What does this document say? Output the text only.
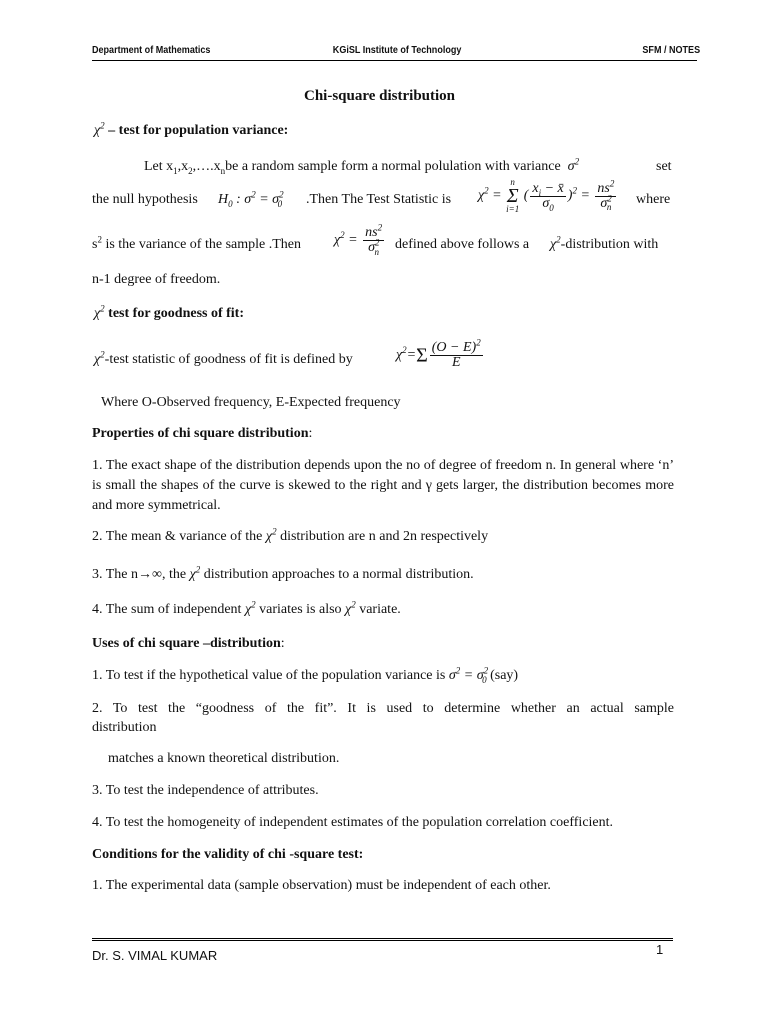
Department of Mathematics	KGiSL Institute of Technology	SFM / NOTES
Chi-square distribution
$\chi^2$ – test for population variance:
Let $x_1,x_2,\dots.x_nbe$ a random sample form a normal polulation with variance $\sigma^2$	set
the null hypothesis $H_0$ : $\sigma^2 = \sigma^2_0$ .Then The Test Statistic is $\chi^2 = n$
Σ
i=1 ( $\frac{x_i - x̄}{\sigma_0} )^2 = \frac{ns^2}{\sigma^2_n}$ where
$s^2$ is the variance of the sample .Then $\chi^2 = \frac{ns^2}{\sigma^2_n}$ defined above follows a $\chi^2$-distribution with
n-1 degree of freedom.
$\chi^2$ test for goodness of fit:
$\chi^2$-test statistic of goodness of fit is defined by	$\chi^2=\Sigma \frac{(O - E)^2}{E}$
Where O-Observed frequency, E-Expected frequency
Properties of chi square distribution:
1. The exact shape of the distribution depends upon the no of degree of freedom n. In general where ‘n’ is small the shapes of the curve is skewed to the right and γ gets larger, the distribution becomes more and more symmetrical.
2. The mean & variance of the $\chi^2$ distribution are n and 2n respectively
3. The n→∞, the $\chi^2$ distribution approaches to a normal distribution.
4. The sum of independent $\chi^2$ variates is also $\chi^2$ variate.
Uses of chi square –distribution:
1. To test if the hypothetical value of the population variance is $\sigma^2 = \sigma^2_0$ (say)
2. To test the “goodness of the fit”. It is used to determine whether an actual sample
distribution
matches a known theoretical distribution.
3. To test the independence of attributes.
4. To test the homogeneity of independent estimates of the population correlation coefficient.
Conditions for the validity of chi -square test:
1. The experimental data (sample observation) must be independent of each other.
1
Dr. S. VIMAL KUMAR
